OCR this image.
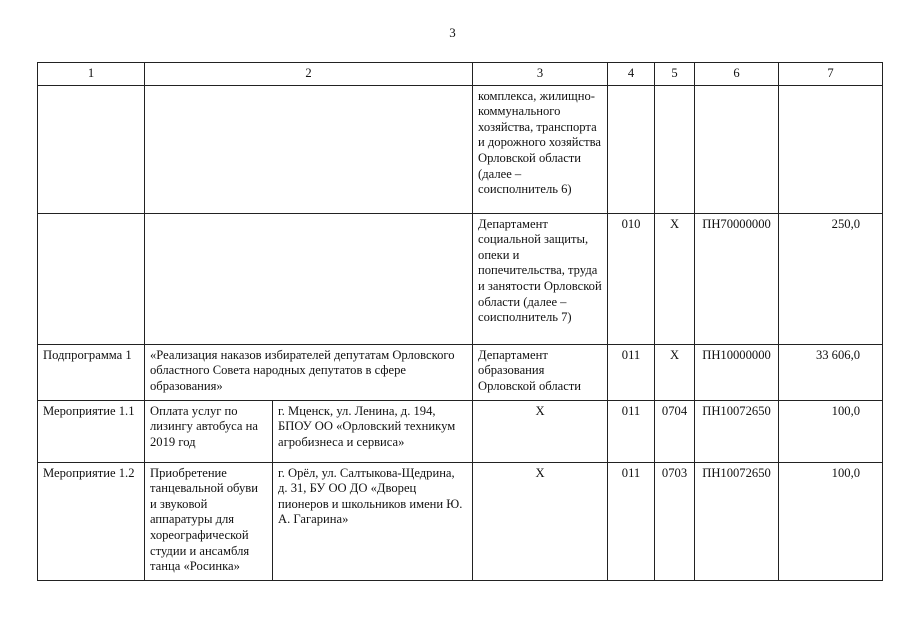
3
1	2		3	4	5	6	7
			комплекса, жилищно-коммунального хозяйства, транспорта и дорожного хозяйства Орловской области (далее – соисполнитель 6)				
			Департамент социальной защиты, опеки и попечительства, труда и занятости Орловской области (далее – соисполнитель 7)	010	Х	ПН70000000	250,0
Подпрограмма 1	«Реализация наказов избирателей депутатам Орловского областного Совета народных депутатов в сфере образования»		Департамент образования Орловской области	011	Х	ПН10000000	33 606,0
Мероприятие 1.1	Оплата услуг по лизингу автобуса на 2019 год	г. Мценск, ул. Ленина, д. 194, БПОУ ОО «Орловский техникум агробизнеса и сервиса»	Х	011	0704	ПН10072650	100,0
Мероприятие 1.2	Приобретение танцевальной обуви и звуковой аппаратуры для хореографической студии и ансамбля танца «Росинка»	г. Орёл, ул. Салтыкова-Щедрина, д. 31, БУ ОО ДО «Дворец пионеров и школьников имени Ю. А. Гагарина»	Х	011	0703	ПН10072650	100,0
